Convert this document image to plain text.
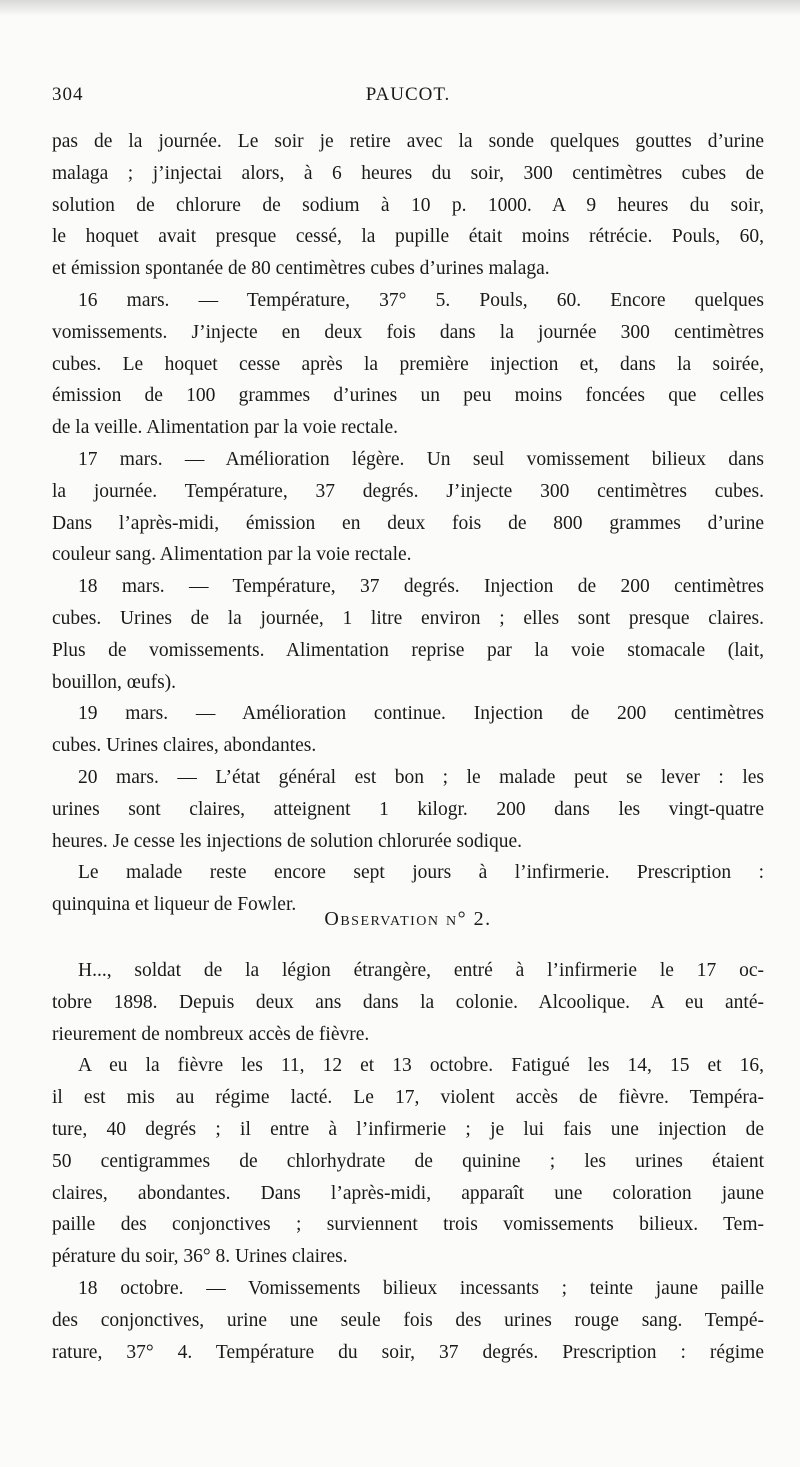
304	PAUCOT.
pas de la journée. Le soir je retire avec la sonde quelques gouttes d’urine
malaga ; j’injectai alors, à 6 heures du soir, 300 centimètres cubes de
solution de chlorure de sodium à 10 p. 1000. A 9 heures du soir,
le hoquet avait presque cessé, la pupille était moins rétrécie. Pouls, 60,
et émission spontanée de 80 centimètres cubes d’urines malaga.
16 mars. — Température, 37° 5. Pouls, 60. Encore quelques
vomissements. J’injecte en deux fois dans la journée 300 centimètres
cubes. Le hoquet cesse après la première injection et, dans la soirée,
émission de 100 grammes d’urines un peu moins foncées que celles
de la veille. Alimentation par la voie rectale.
17 mars. — Amélioration légère. Un seul vomissement bilieux dans
la journée. Température, 37 degrés. J’injecte 300 centimètres cubes.
Dans l’après-midi, émission en deux fois de 800 grammes d’urine
couleur sang. Alimentation par la voie rectale.
18 mars. — Température, 37 degrés. Injection de 200 centimètres
cubes. Urines de la journée, 1 litre environ ; elles sont presque claires.
Plus de vomissements. Alimentation reprise par la voie stomacale (lait,
bouillon, œufs).
19 mars. — Amélioration continue. Injection de 200 centimètres
cubes. Urines claires, abondantes.
20 mars. — L’état général est bon ; le malade peut se lever : les
urines sont claires, atteignent 1 kilogr. 200 dans les vingt-quatre
heures. Je cesse les injections de solution chlorurée sodique.
Le malade reste encore sept jours à l’infirmerie. Prescription :
quinquina et liqueur de Fowler.
Observation n° 2.
H..., soldat de la légion étrangère, entré à l’infirmerie le 17 oc-
tobre 1898. Depuis deux ans dans la colonie. Alcoolique. A eu anté-
rieurement de nombreux accès de fièvre.
A eu la fièvre les 11, 12 et 13 octobre. Fatigué les 14, 15 et 16,
il est mis au régime lacté. Le 17, violent accès de fièvre. Tempéra-
ture, 40 degrés ; il entre à l’infirmerie ; je lui fais une injection de
50 centigrammes de chlorhydrate de quinine ; les urines étaient
claires, abondantes. Dans l’après-midi, apparaît une coloration jaune
paille des conjonctives ; surviennent trois vomissements bilieux. Tem-
pérature du soir, 36° 8. Urines claires.
18 octobre. — Vomissements bilieux incessants ; teinte jaune paille
des conjonctives, urine une seule fois des urines rouge sang. Tempé-
rature, 37° 4. Température du soir, 37 degrés. Prescription : régime
